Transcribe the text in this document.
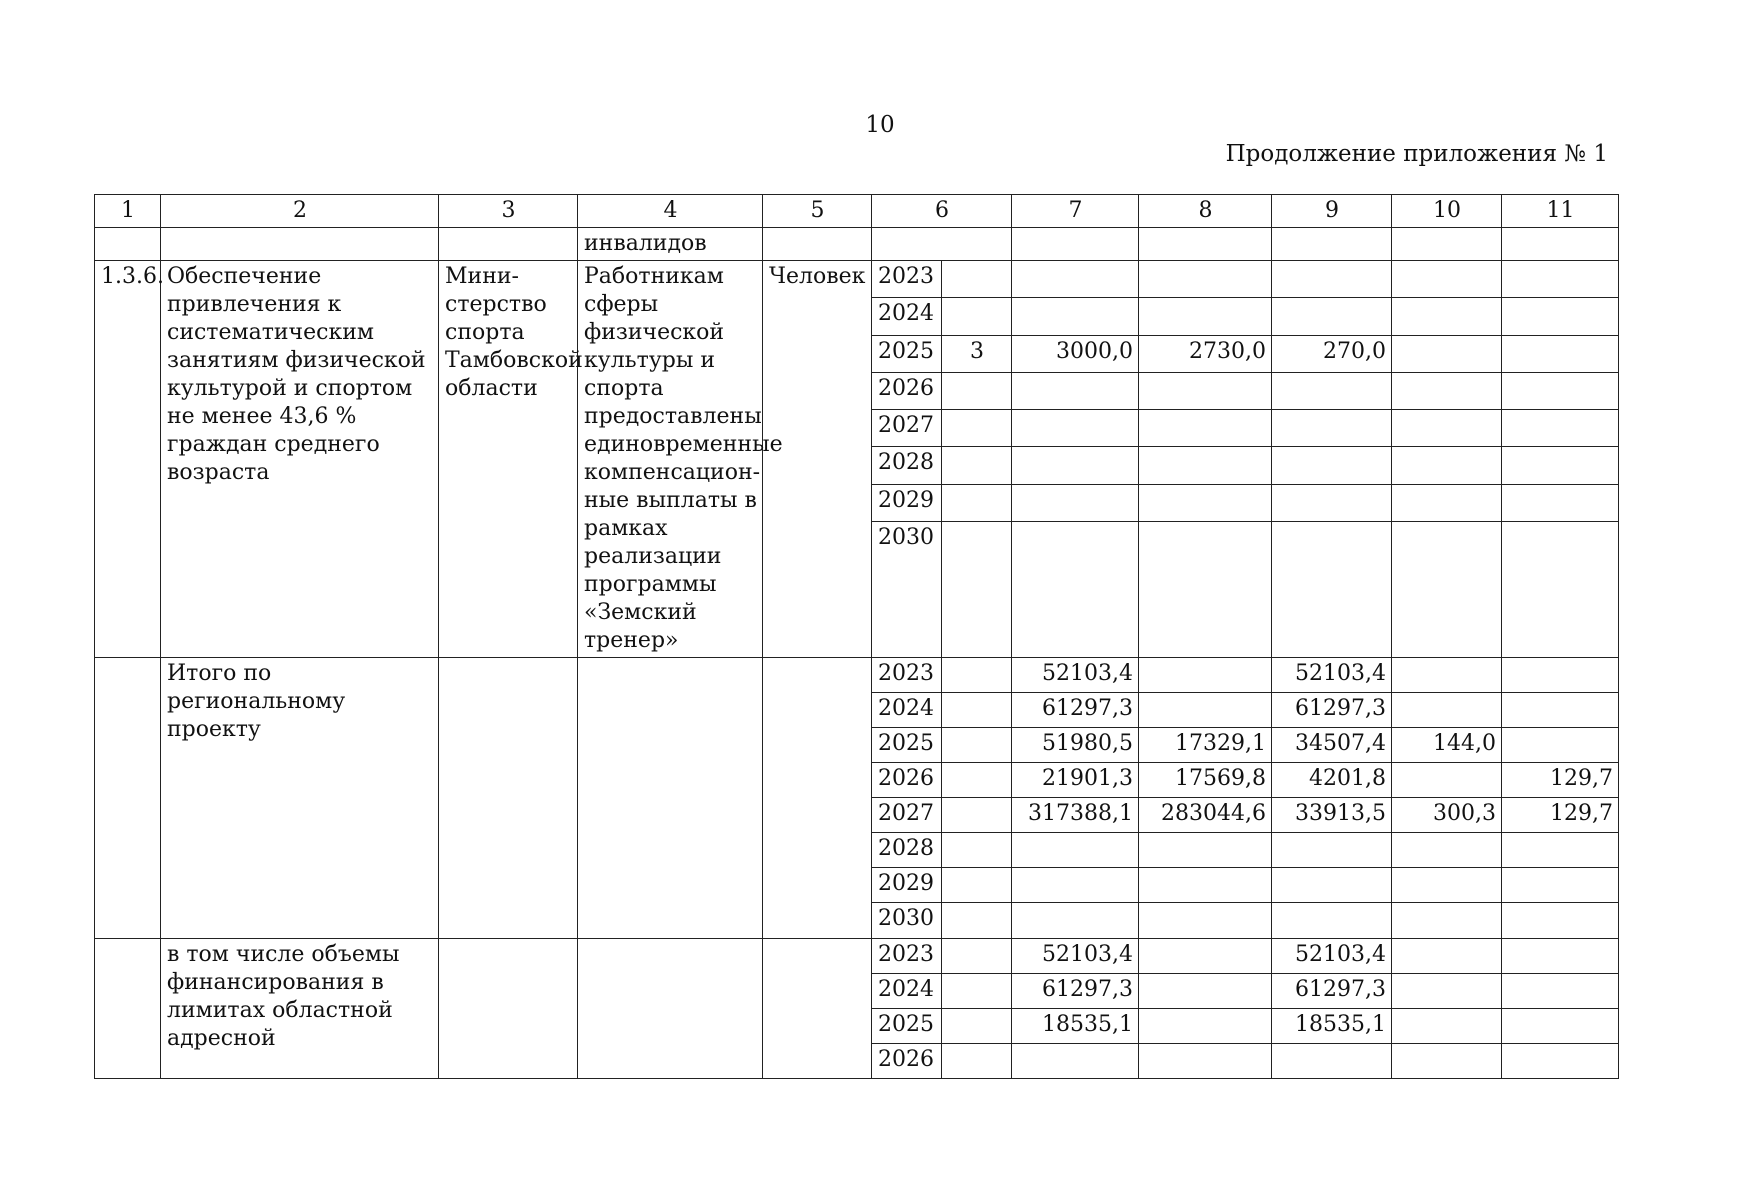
10
Продолжение приложения № 1
1	2	3	4	5	6		7	8	9	10	11
			инвалидов								
1.3.6.	Обеспечение привлечения к систематическим занятиям физической культурой и спортом не менее 43,6 % граждан среднего возраста	Мини-стерство спорта Тамбовской области	Работникам сферы физической культуры и спорта предоставлены единовременные компенсацион-ные выплаты в рамках реализации программы «Земский тренер»	Человек	2023						
					2024						
					2025	3	3000,0	2730,0	270,0		
					2026						
					2027						
					2028						
					2029						
					2030						
	Итого по региональному проекту				2023		52103,4		52103,4		
					2024		61297,3		61297,3		
					2025		51980,5	17329,1	34507,4	144,0	
					2026		21901,3	17569,8	4201,8		129,7
					2027		317388,1	283044,6	33913,5	300,3	129,7
					2028						
					2029						
					2030						
	в том числе объемы финансирования в лимитах областной адресной				2023		52103,4		52103,4		
					2024		61297,3		61297,3		
					2025		18535,1		18535,1		
					2026						
